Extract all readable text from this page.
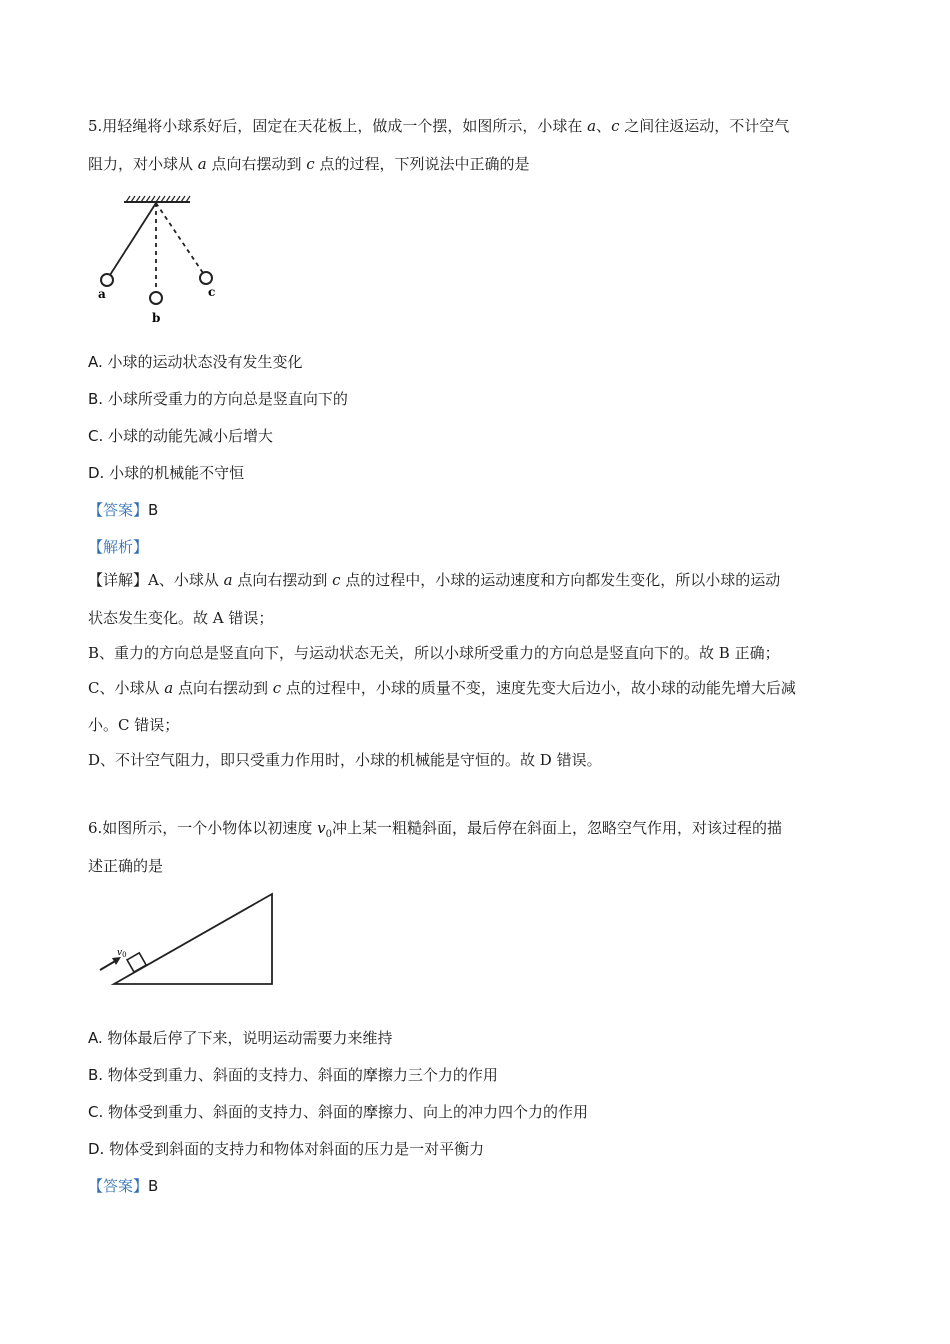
5.用轻绳将小球系好后，固定在天花板上，做成一个摆，如图所示，小球在 a、c 之间往返运动，不计空气
阻力，对小球从 a 点向右摆动到 c 点的过程，下列说法中正确的是
a
b
c
A. 小球的运动状态没有发生变化
B. 小球所受重力的方向总是竖直向下的
C. 小球的动能先减小后增大
D. 小球的机械能不守恒
【答案】B
【解析】
【详解】A、小球从 a 点向右摆动到 c 点的过程中，小球的运动速度和方向都发生变化，所以小球的运动
状态发生变化。故 A 错误；
B、重力的方向总是竖直向下，与运动状态无关，所以小球所受重力的方向总是竖直向下的。故 B 正确；
C、小球从 a 点向右摆动到 c 点的过程中，小球的质量不变，速度先变大后边小，故小球的动能先增大后减
小。C 错误；
D、不计空气阻力，即只受重力作用时，小球的机械能是守恒的。故 D 错误。
6.如图所示，一个小物体以初速度 $v_0$冲上某一粗糙斜面，最后停在斜面上，忽略空气作用，对该过程的描
述正确的是
$v_0$
A. 物体最后停了下来，说明运动需要力来维持
B. 物体受到重力、斜面的支持力、斜面的摩擦力三个力的作用
C. 物体受到重力、斜面的支持力、斜面的摩擦力、向上的冲力四个力的作用
D. 物体受到斜面的支持力和物体对斜面的压力是一对平衡力
【答案】B
